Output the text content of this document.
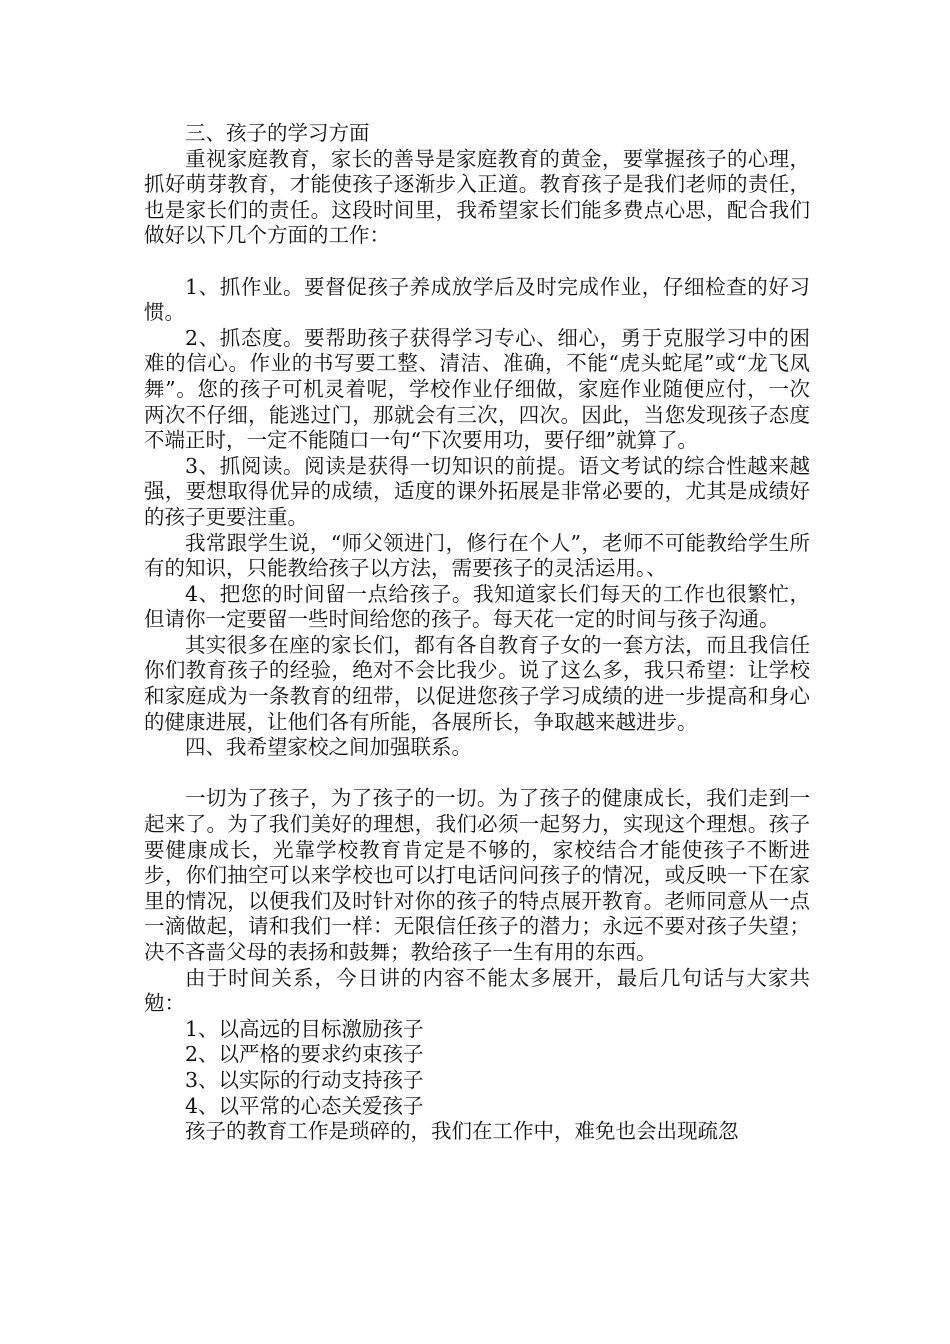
三、孩子的学习方面

重视家庭教育，家长的善导是家庭教育的黄金，要掌握孩子的心理，抓好萌芽教育，才能使孩子逐渐步入正道。教育孩子是我们老师的责任，也是家长们的责任。这段时间里，我希望家长们能多费点心思，配合我们做好以下几个方面的工作：

1、抓作业。要督促孩子养成放学后及时完成作业，仔细检查的好习惯。

2、抓态度。要帮助孩子获得学习专心、细心，勇于克服学习中的困难的信心。作业的书写要工整、清洁、准确，不能“虎头蛇尾”或“龙飞凤舞”。您的孩子可机灵着呢，学校作业仔细做，家庭作业随便应付，一次两次不仔细，能逃过门，那就会有三次，四次。因此，当您发现孩子态度不端正时，一定不能随口一句“下次要用功，要仔细”就算了。

3、抓阅读。阅读是获得一切知识的前提。语文考试的综合性越来越强，要想取得优异的成绩，适度的课外拓展是非常必要的，尤其是成绩好的孩子更要注重。

我常跟学生说，“师父领进门，修行在个人”，老师不可能教给学生所有的知识，只能教给孩子以方法，需要孩子的灵活运用。、

4、把您的时间留一点给孩子。我知道家长们每天的工作也很繁忙，但请你一定要留一些时间给您的孩子。每天花一定的时间与孩子沟通。

其实很多在座的家长们，都有各自教育子女的一套方法，而且我信任你们教育孩子的经验，绝对不会比我少。说了这么多，我只希望：让学校和家庭成为一条教育的纽带，以促进您孩子学习成绩的进一步提高和身心的健康进展，让他们各有所能，各展所长，争取越来越进步。

四、我希望家校之间加强联系。

一切为了孩子，为了孩子的一切。为了孩子的健康成长，我们走到一起来了。为了我们美好的理想，我们必须一起努力，实现这个理想。孩子要健康成长，光靠学校教育肯定是不够的，家校结合才能使孩子不断进步，你们抽空可以来学校也可以打电话问问孩子的情况，或反映一下在家里的情况，以便我们及时针对你的孩子的特点展开教育。老师同意从一点一滴做起，请和我们一样：无限信任孩子的潜力；永远不要对孩子失望；决不吝啬父母的表扬和鼓舞；教给孩子一生有用的东西。

由于时间关系，今日讲的内容不能太多展开，最后几句话与大家共勉：

1、以高远的目标激励孩子

2、以严格的要求约束孩子

3、以实际的行动支持孩子

4、以平常的心态关爱孩子

孩子的教育工作是琐碎的，我们在工作中，难免也会出现疏忽
